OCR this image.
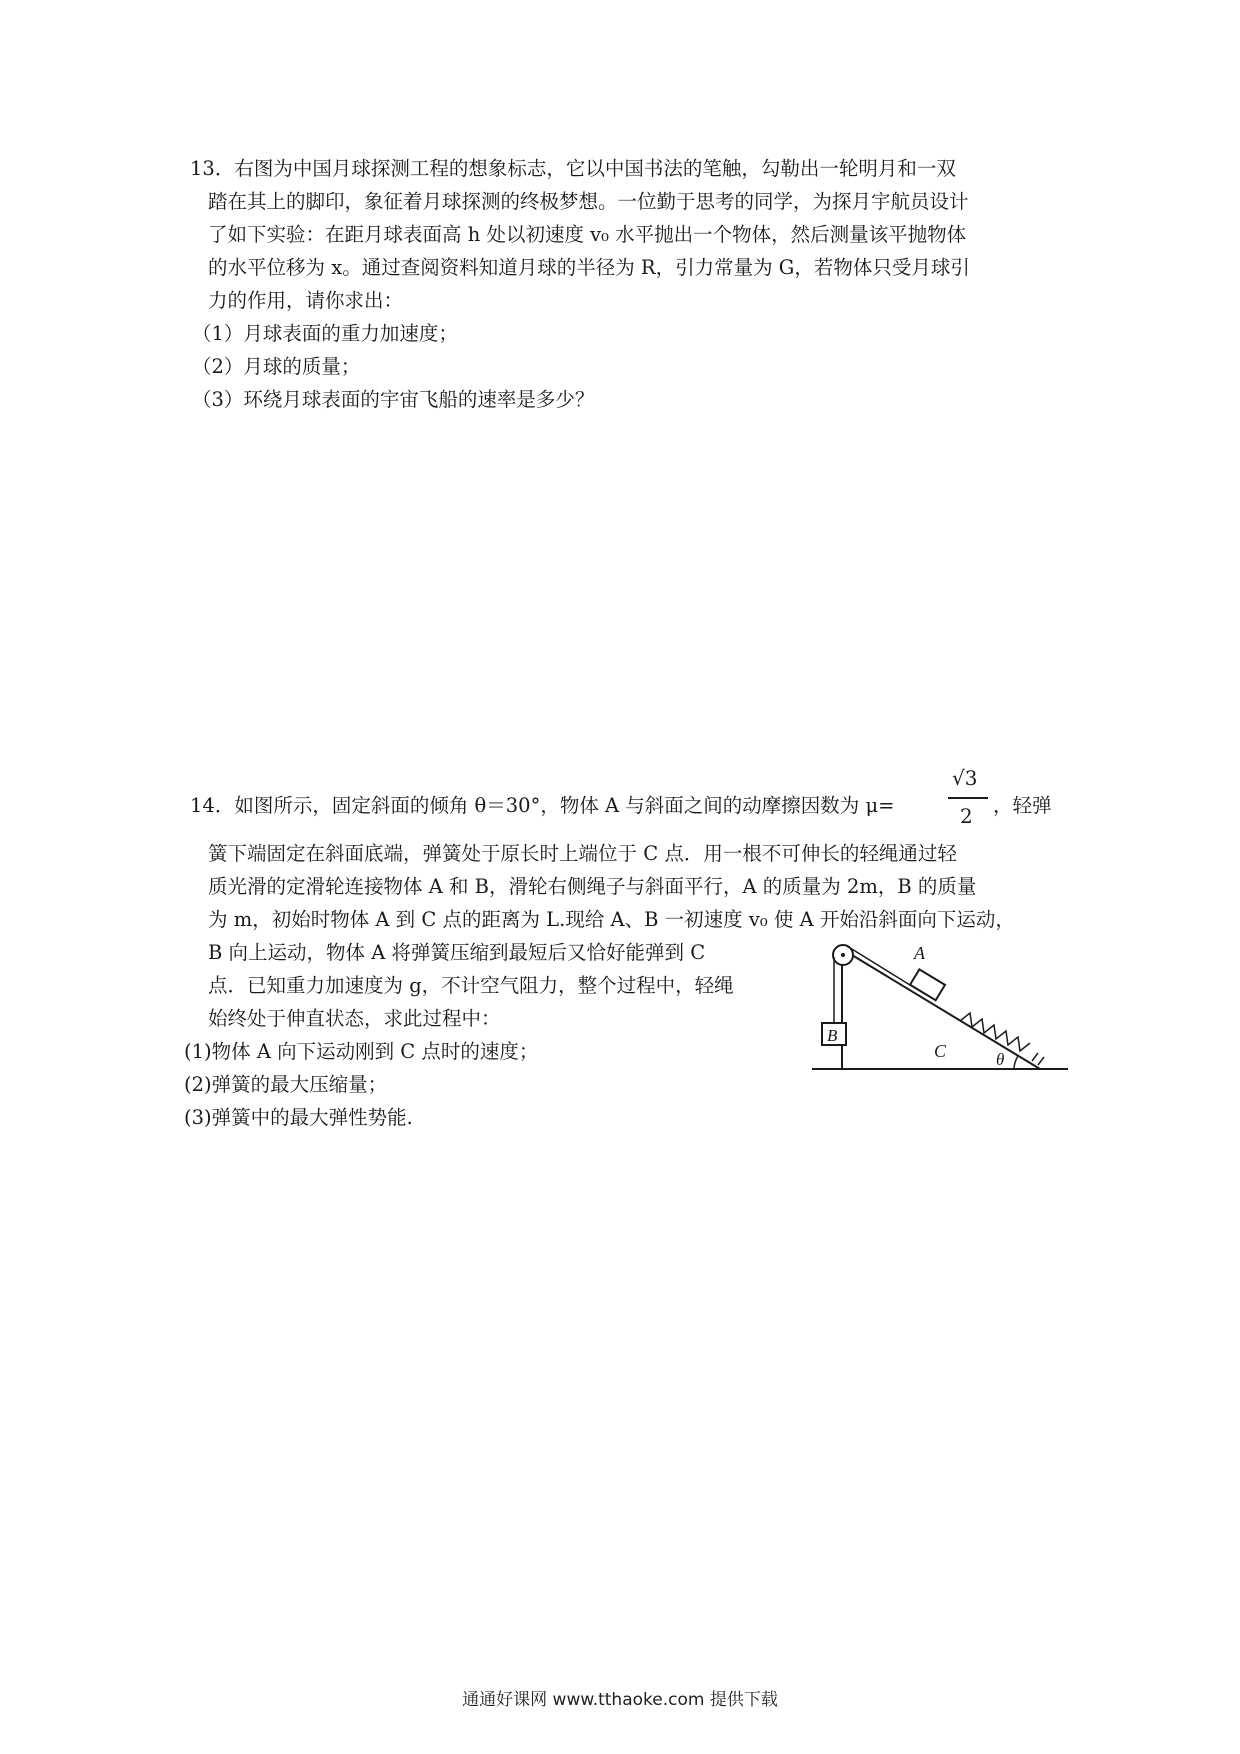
13．右图为中国月球探测工程的想象标志，它以中国书法的笔触，勾勒出一轮明月和一双
踏在其上的脚印，象征着月球探测的终极梦想。一位勤于思考的同学，为探月宇航员设计
了如下实验：在距月球表面高 h 处以初速度 v₀ 水平抛出一个物体，然后测量该平抛物体
的水平位移为 x。通过查阅资料知道月球的半径为 R，引力常量为 G，若物体只受月球引
力的作用，请你求出：
（1）月球表面的重力加速度；
（2）月球的质量；
（3）环绕月球表面的宇宙飞船的速率是多少？
14．如图所示，固定斜面的倾角 θ＝30°，物体 A 与斜面之间的动摩擦因数为 μ=
√3
2 ，轻弹
簧下端固定在斜面底端，弹簧处于原长时上端位于 C 点．用一根不可伸长的轻绳通过轻
质光滑的定滑轮连接物体 A 和 B，滑轮右侧绳子与斜面平行，A 的质量为 2m，B 的质量
为 m，初始时物体 A 到 C 点的距离为 L.现给 A、B 一初速度 v₀ 使 A 开始沿斜面向下运动，
B 向上运动，物体 A 将弹簧压缩到最短后又恰好能弹到 C
点．已知重力加速度为 g，不计空气阻力，整个过程中，轻绳
始终处于伸直状态，求此过程中：
(1)物体 A 向下运动刚到 C 点时的速度；
(2)弹簧的最大压缩量；
(3)弹簧中的最大弹性势能.
B
A
C	θ
通通好课网 www.tthaoke.com 提供下载
